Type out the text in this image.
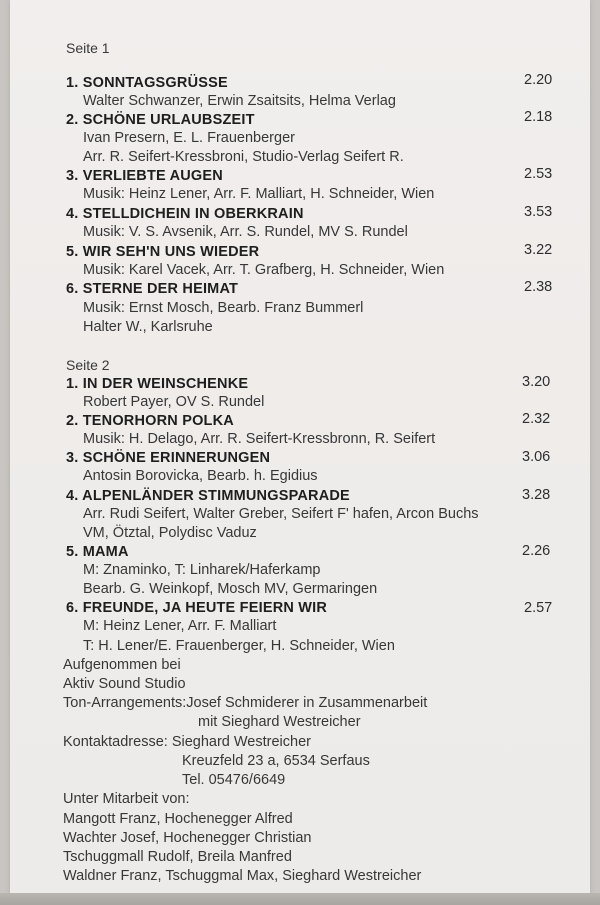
Seite 1
1. SONNTAGSGRÜSSE	2.20
Walter Schwanzer, Erwin Zsaitsits, Helma Verlag
2. SCHÖNE URLAUBSZEIT	2.18
Ivan Presern, E. L. Frauenberger
Arr. R. Seifert-Kressbroni, Studio-Verlag Seifert R.
3. VERLIEBTE AUGEN	2.53
Musik: Heinz Lener, Arr. F. Malliart, H. Schneider, Wien
4. STELLDICHEIN IN OBERKRAIN	3.53
Musik: V. S. Avsenik, Arr. S. Rundel, MV S. Rundel
5. WIR SEH'N UNS WIEDER	3.22
Musik: Karel Vacek, Arr. T. Grafberg, H. Schneider, Wien
6. STERNE DER HEIMAT	2.38
Musik: Ernst Mosch, Bearb. Franz Bummerl
Halter W., Karlsruhe
Seite 2
1. IN DER WEINSCHENKE	3.20
Robert Payer, OV S. Rundel
2. TENORHORN POLKA	2.32
Musik: H. Delago, Arr. R. Seifert-Kressbronn, R. Seifert
3. SCHÖNE ERINNERUNGEN	3.06
Antosin Borovicka, Bearb. h. Egidius
4. ALPENLÄNDER STIMMUNGSPARADE	3.28
Arr. Rudi Seifert, Walter Greber, Seifert F' hafen, Arcon Buchs
VM, Ötztal, Polydisc Vaduz
5. MAMA	2.26
M: Znaminko, T: Linharek/Haferkamp
Bearb. G. Weinkopf, Mosch MV, Germaringen
6. FREUNDE, JA HEUTE FEIERN WIR	2.57
M: Heinz Lener, Arr. F. Malliart
T: H. Lener/E. Frauenberger, H. Schneider, Wien
Aufgenommen bei
Aktiv Sound Studio
Ton-Arrangements:Josef Schmiderer in Zusammenarbeit
mit Sieghard Westreicher
Kontaktadresse: Sieghard Westreicher
Kreuzfeld 23 a, 6534 Serfaus
Tel. 05476/6649
Unter Mitarbeit von:
Mangott Franz, Hochenegger Alfred
Wachter Josef, Hochenegger Christian
Tschuggmall Rudolf, Breila Manfred
Waldner Franz, Tschuggmal Max, Sieghard Westreicher
